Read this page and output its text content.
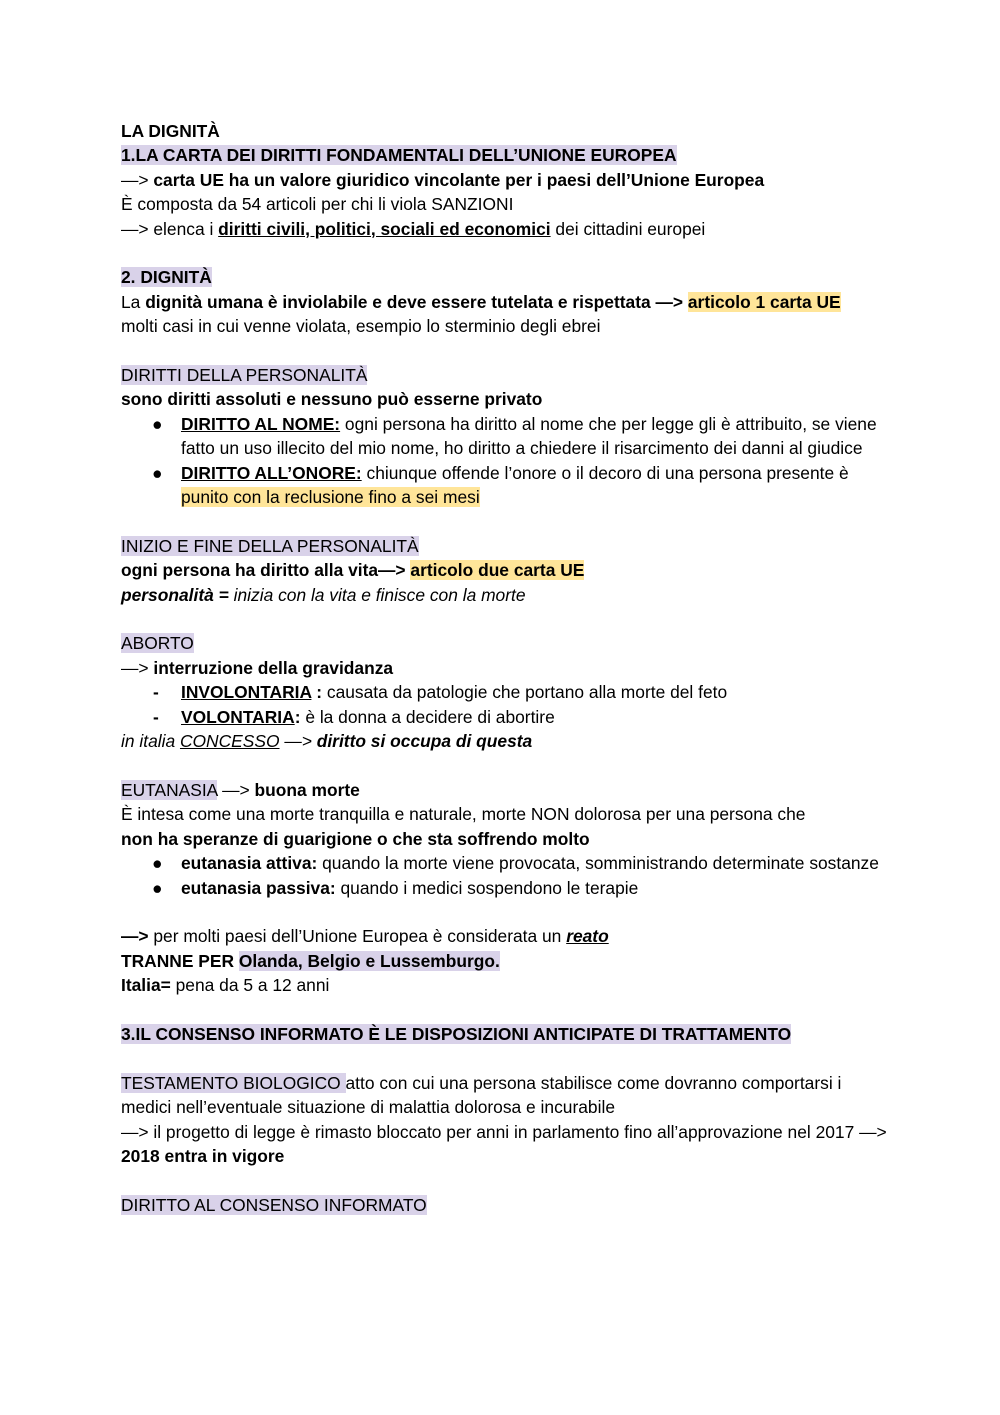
LA DIGNITÀ
1.LA CARTA DEI DIRITTI FONDAMENTALI DELL’UNIONE EUROPEA
—> carta UE ha un valore giuridico vincolante per i paesi dell’Unione Europea
È composta da 54 articoli per chi li viola SANZIONI
—> elenca i diritti civili, politici, sociali ed economici dei cittadini europei
2. DIGNITÀ
La dignità umana è inviolabile e deve essere tutelata e rispettata —> articolo 1 carta UE
molti casi in cui venne violata, esempio lo sterminio degli ebrei
DIRITTI DELLA PERSONALITÀ
sono diritti assoluti e nessuno può esserne privato
● DIRITTO AL NOME: ogni persona ha diritto al nome che per legge gli è attribuito, se viene fatto un uso illecito del mio nome, ho diritto a chiedere il risarcimento dei danni al giudice
● DIRITTO ALL’ONORE: chiunque offende l’onore o il decoro di una persona presente è punito con la reclusione fino a sei mesi
INIZIO E FINE DELLA PERSONALITÀ
ogni persona ha diritto alla vita—> articolo due carta UE
personalità = inizia con la vita e finisce con la morte
ABORTO
—> interruzione della gravidanza
- INVOLONTARIA : causata da patologie che portano alla morte del feto
- VOLONTARIA: è la donna a decidere di abortire
in italia CONCESSO —> diritto si occupa di questa
EUTANASIA —> buona morte
È intesa come una morte tranquilla e naturale, morte NON dolorosa per una persona che
non ha speranze di guarigione o che sta soffrendo molto
● eutanasia attiva: quando la morte viene provocata, somministrando determinate sostanze
● eutanasia passiva: quando i medici sospendono le terapie
—> per molti paesi dell’Unione Europea è considerata un reato
TRANNE PER Olanda, Belgio e Lussemburgo.
Italia= pena da 5 a 12 anni
3.IL CONSENSO INFORMATO È LE DISPOSIZIONI ANTICIPATE DI TRATTAMENTO
TESTAMENTO BIOLOGICO atto con cui una persona stabilisce come dovranno comportarsi i medici nell’eventuale situazione di malattia dolorosa e incurabile
—> il progetto di legge è rimasto bloccato per anni in parlamento fino all’approvazione nel 2017 —> 2018 entra in vigore
DIRITTO AL CONSENSO INFORMATO
